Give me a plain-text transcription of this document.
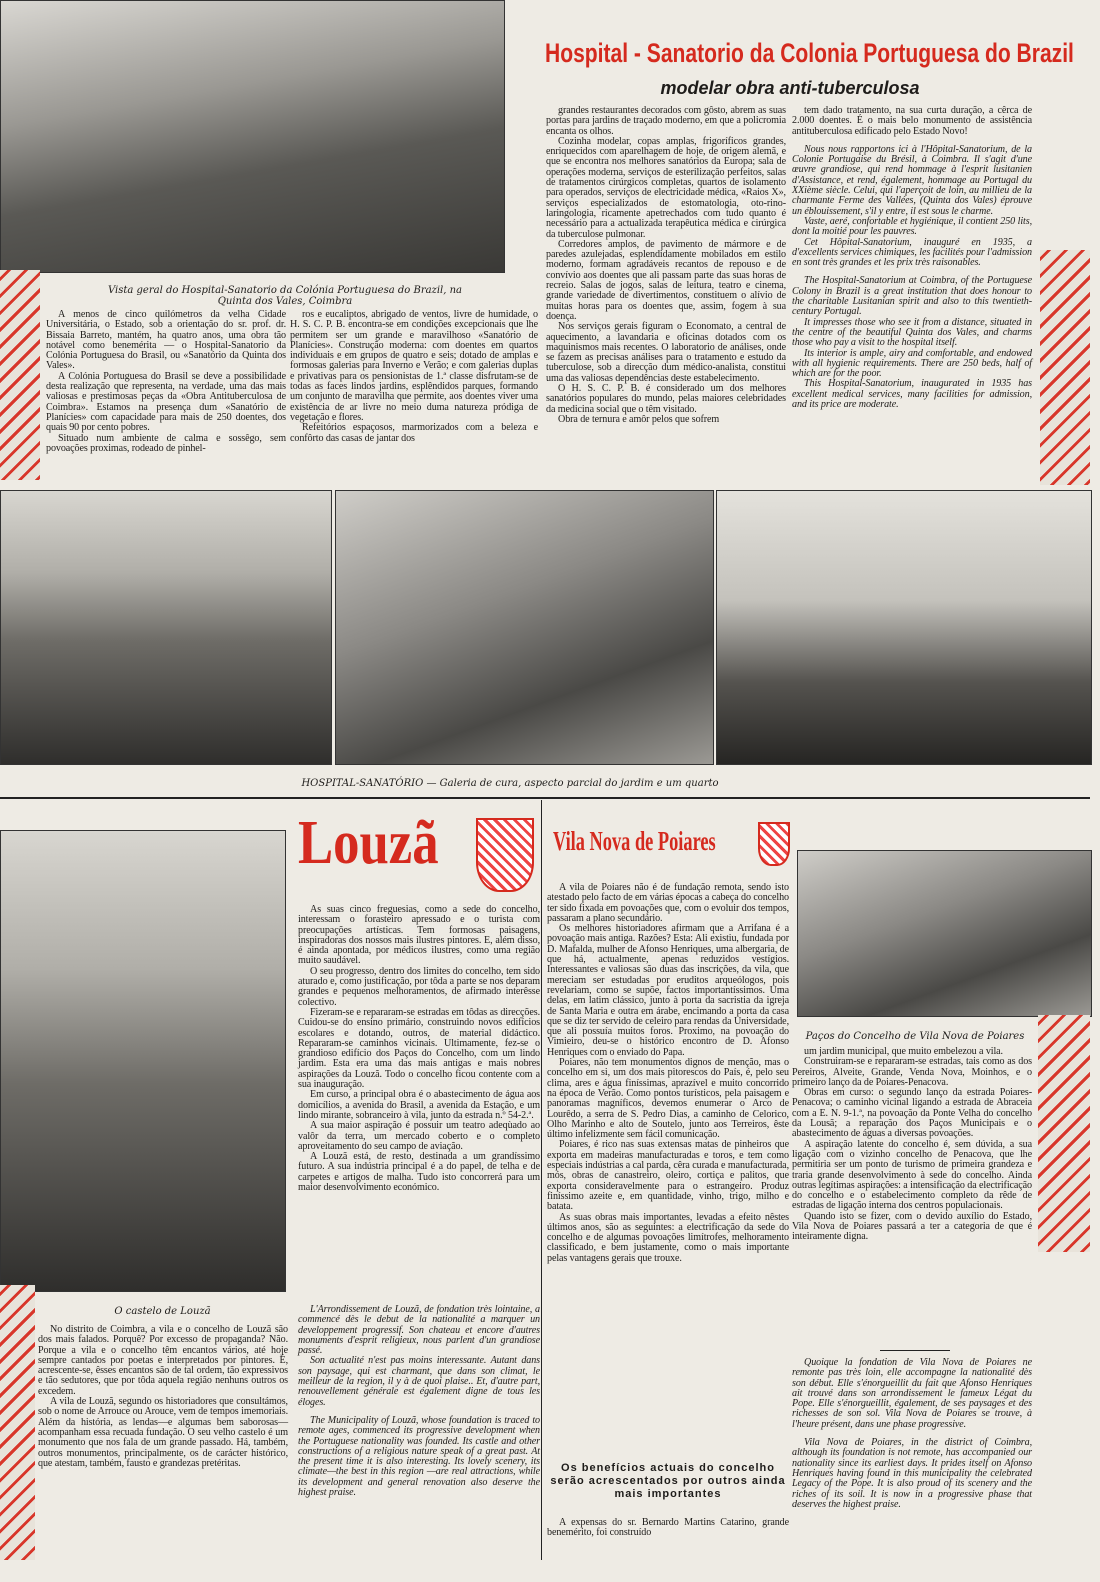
Hospital - Sanatorio da Colonia Portuguesa do Brazil
modelar obra anti-tuberculosa
Vista geral do Hospital-Sanatorio da Colónia Portuguesa do Brazil, na Quinta dos Vales, Coimbra

A menos de cinco quilómetros da velha Cidade Universitária, o Estado, sob a orientação do sr. prof. dr. Bissaia Barreto, mantém, ha quatro anos, uma obra tão notável como benemérita — o Hospital-Sanatorio da Colónia Portuguesa do Brasil, ou «Sanatório da Quinta dos Vales».

A Colónia Portuguesa do Brasil se deve a possibilidade desta realização que representa, na verdade, uma das mais valiosas e prestimosas peças da «Obra Antituberculosa de Coimbra». Estamos na presença dum «Sanatório de Planícies» com capacidade para mais de 250 doentes, dos quais 90 por cento pobres.

Situado num ambiente de calma e sossêgo, sem povoações proximas, rodeado de pinhel-

ros e eucaliptos, abrigado de ventos, livre de humidade, o H. S. C. P. B. encontra-se em condições excepcionais que lhe permitem ser um grande e maravilhoso «Sanatório de Planícies». Construção moderna: com doentes em quartos individuais e em grupos de quatro e seis; dotado de amplas e formosas galerias para Inverno e Verão; e com galerias duplas e privativas para os pensionistas de 1.ª classe disfrutam-se de todas as faces lindos jardins, esplêndidos parques, formando um conjunto de maravilha que permite, aos doentes viver uma existência de ar livre no meio duma natureza pródiga de vegetação e flores.

Refeitórios espaçosos, marmorizados com a beleza e confôrto das casas de jantar dos

grandes restaurantes decorados com gôsto, abrem as suas portas para jardins de traçado moderno, em que a policromia encanta os olhos.

Cozinha modelar, copas amplas, frigoríficos grandes, enriquecidos com aparelhagem de hoje, de origem alemã, e que se encontra nos melhores sanatórios da Europa; sala de operações moderna, serviços de esterilização perfeitos, salas de tratamentos cirúrgicos completas, quartos de isolamento para operados, serviços de electricidade médica, «Raios X», serviços especializados de estomatologia, oto-rino-laringologia, ricamente apetrechados com tudo quanto é necessário para a actualizada terapêutica médica e cirúrgica da tuberculose pulmonar.

Corredores amplos, de pavimento de mármore e de paredes azulejadas, esplendidamente mobilados em estilo moderno, formam agradáveis recantos de repouso e de convívio aos doentes que ali passam parte das suas horas de recreio. Salas de jogos, salas de leitura, teatro e cinema, grande variedade de divertimentos, constituem o alívio de muitas horas para os doentes que, assim, fogem à sua doença.

Nos serviços gerais figuram o Economato, a central de aquecimento, a lavandaria e oficinas dotados com os maquinismos mais recentes. O laboratorio de análises, onde se fazem as precisas análises para o tratamento e estudo da tuberculose, sob a direcção dum médico-analista, constitui uma das valiosas dependências deste estabelecimento.

O H. S. C. P. B. é considerado um dos melhores sanatórios populares do mundo, pelas maiores celebridades da medicina social que o têm visitado.

Obra de ternura e amôr pelos que sofrem

tem dado tratamento, na sua curta duração, a cêrca de 2.000 doentes. É o mais belo monumento de assistência antituberculosa edificado pelo Estado Novo!

Nous nous rapportons ici à l'Hôpital-Sanatorium, de la Colonie Portugaise du Brésil, à Coimbra. Il s'agit d'une œuvre grandiose, qui rend hommage à l'esprit lusitanien d'Assistance, et rend, également, hommage au Portugal du XXième siècle. Celui, qui l'aperçoit de loin, au millieu de la charmante Ferme des Vallées, (Quinta dos Vales) éprouve un éblouissement, s'il y entre, il est sous le charme.

Vaste, aeré, confortable et hygiénique, il contient 250 lits, dont la moitié pour les pauvres.

Cet Hôpital-Sanatorium, inauguré en 1935, a d'excellents services chimiques, les facilités pour l'admission en sont très grandes et les prix très raisonables.

The Hospital-Sanatorium at Coimbra, of the Portuguese Colony in Brazil is a great institution that does honour to the charitable Lusitanian spirit and also to this twentieth-century Portugal.

It impresses those who see it from a distance, situated in the centre of the beautiful Quinta dos Vales, and charms those who pay a visit to the hospital itself.

Its interior is ample, airy and comfortable, and endowed with all hygienic requirements. There are 250 beds, half of which are for the poor.

This Hospital-Sanatorium, inaugurated in 1935 has excellent medical services, many facilities for admission, and its price are moderate.

HOSPITAL-SANATÓRIO — Galeria de cura, aspecto parcial do jardim e um quarto
Louzã

As suas cinco freguesias, como a sede do concelho, interessam o forasteiro apressado e o turista com preocupações artísticas. Tem formosas paisagens, inspiradoras dos nossos mais ilustres pintores. E, além disso, é ainda apontada, por médicos ilustres, como uma região muito saudável.

O seu progresso, dentro dos limites do concelho, tem sido aturado e, como justificação, por tôda a parte se nos deparam grandes e pequenos melhoramentos, de afirmado interêsse colectivo.

Fizeram-se e repararam-se estradas em tôdas as direcções. Cuidou-se do ensino primário, construindo novos edifícios escolares e dotando, outros, de material didáctico. Repararam-se caminhos vicinais. Ultimamente, fez-se o grandioso edifício dos Paços do Concelho, com um lindo jardim. Esta era uma das mais antigas e mais nobres aspirações da Louzã. Todo o concelho ficou contente com a sua inauguração.

Em curso, a principal obra é o abastecimento de água aos domicílios, a avenida do Brasil, a avenida da Estação, e um lindo mirante, sobranceiro à vila, junto da estrada n.º 54-2.ª.

A sua maior aspiração é possuir um teatro adeqùado ao valôr da terra, um mercado coberto e o completo aproveitamento do seu campo de aviação.

A Louzã está, de resto, destinada a um grandíssimo futuro. A sua indústria principal é a do papel, de telha e de carpetes e artigos de malha. Tudo isto concorrerá para um maior desenvolvimento económico.

L'Arrondissement de Louzã, de fondation très lointaine, a commencé dès le debut de la nationalité a marquer un developpement progressif. Son chateau et encore d'autres monuments d'esprit religieux, nous parlent d'un grandiose passé.

Son actualité n'est pas moins interessante. Autant dans son paysage, qui est charmant, que dans son climat, le meilleur de la region, il y à de quoi plaise.. Et, d'autre part, renouvellement générale est également digne de tous les éloges.

The Municipality of Louzã, whose foundation is traced to remote ages, commenced its progressive development when the Portuguese nationality was founded. Its castle and other constructions of a religious nature speak of a great past. At the present time it is also interesting. Its lovely scenery, its climate—the best in this region —are real attractions, while its development and general renovation also deserve the highest praise.

O castelo de Louzã

No distrito de Coimbra, a vila e o concelho de Louzã são dos mais falados. Porquê? Por excesso de propaganda? Não. Porque a vila e o concelho têm encantos vários, até hoje sempre cantados por poetas e interpretados por pintores. É, acrescente-se, êsses encantos são de tal ordem, tão expressivos e tão sedutores, que por tôda aquela região nenhuns outros os excedem.

A vila de Louzã, segundo os historiadores que consultámos, sob o nome de Arrouce ou Arouce, vem de tempos imemoriais. Além da história, as lendas—e algumas bem saborosas—acompanham essa recuada fundação. O seu velho castelo é um monumento que nos fala de um grande passado. Há, também, outros monumentos, principalmente, os de carácter histórico, que atestam, também, fausto e grandezas pretéritas.

Vila Nova de Poiares

A vila de Poiares não é de fundação remota, sendo isto atestado pelo facto de em várias épocas a cabeça do concelho ter sido fixada em povoações que, com o evoluir dos tempos, passaram a plano secundário.

Os melhores historiadores afirmam que a Arrifana é a povoação mais antiga. Razões? Esta: Ali existiu, fundada por D. Mafalda, mulher de Afonso Henriques, uma albergaria, de que há, actualmente, apenas reduzidos vestígios. Interessantes e valiosas são duas das inscrições, da vila, que mereciam ser estudadas por eruditos arqueólogos, pois revelariam, como se supõe, factos importantíssimos. Uma delas, em latim clássico, junto à porta da sacristia da igreja de Santa Maria e outra em árabe, encimando a porta da casa que se diz ter servido de celeiro para rendas da Universidade, que ali possuía muitos foros. Proximo, na povoação do Vimieiro, deu-se o histórico encontro de D. Afonso Henriques com o enviado do Papa.

Poiares, não tem monumentos dignos de menção, mas o concelho em si, um dos mais pitorescos do País, é, pelo seu clima, ares e água finíssimas, aprazível e muito concorrido na época de Verão. Como pontos turísticos, pela paisagem e panoramas magníficos, devemos enumerar o Arco de Lourêdo, a serra de S. Pedro Dias, a caminho de Celorico, Olho Marinho e alto de Soutelo, junto aos Terreiros, êste último infelizmente sem fácil comunicação.

Poiares, é rico nas suas extensas matas de pinheiros que exporta em madeiras manufacturadas e toros, e tem como especiais indústrias a cal parda, cêra curada e manufacturada, mós, obras de canastreiro, oleiro, cortiça e palitos, que exporta consideravelmente para o estrangeiro. Produz finíssimo azeite e, em quantidade, vinho, trigo, milho e batata.

As suas obras mais importantes, levadas a efeito nêstes últimos anos, são as seguintes: a electrificação da sede do concelho e de algumas povoações limítrofes, melhoramento classificado, e bem justamente, como o mais importante pelas vantagens gerais que trouxe.

Os benefícios actuais do concelho serão acrescentados por outros ainda mais importantes

A expensas do sr. Bernardo Martins Catarino, grande benemérito, foi construído

Paços do Concelho de Vila Nova de Poiares

um jardim municipal, que muito embelezou a vila.

Construiram-se e repararam-se estradas, tais como as dos Pereiros, Alveite, Grande, Venda Nova, Moinhos, e o primeiro lanço da de Poiares-Penacova.

Obras em curso: o segundo lanço da estrada Poiares-Penacova; o caminho vicinal ligando a estrada de Abraceia com a E. N. 9-1.ª, na povoação da Ponte Velha do concelho da Lousã; a reparação dos Paços Municipais e o abastecimento de águas a diversas povoações.

A aspiração latente do concelho é, sem dúvida, a sua ligação com o vizinho concelho de Penacova, que lhe permitiria ser um ponto de turismo de primeira grandeza e traria grande desenvolvimento à sede do concelho. Ainda outras legítimas aspirações: a intensificação da electrificação do concelho e o estabelecimento completo da rêde de estradas de ligação interna dos centros populacionais.

Quando isto se fizer, com o devido auxílio do Estado, Vila Nova de Poiares passará a ter a categoria de que é inteiramente digna.

Quoique la fondation de Vila Nova de Poiares ne remonte pas très loin, elle accompagne la nationalité dès son début. Elle s'énorgueillit du fait que Afonso Henriques ait trouvé dans son arrondissement le fameux Légat du Pope. Elle s'énorgueillit, également, de ses paysages et des richesses de son sol. Vila Nova de Poiares se trouve, à l'heure présent, dans une phase progressive.

Vila Nova de Poiares, in the district of Coimbra, although its foundation is not remote, has accompanied our nationality since its earliest days. It prides itself on Afonso Henriques having found in this municipality the celebrated Legacy of the Pope. It is also proud of its scenery and the riches of its soil. It is now in a progressive phase that deserves the highest praise.
